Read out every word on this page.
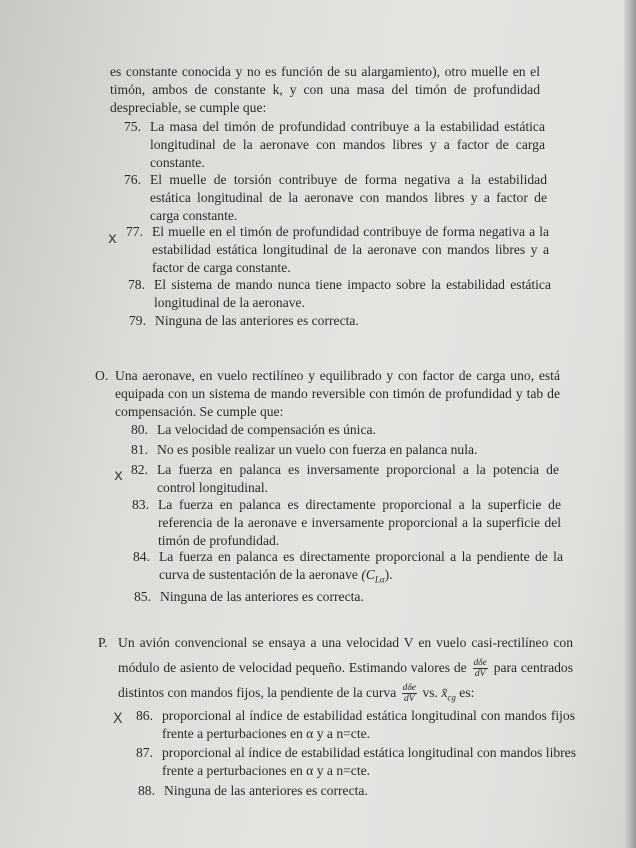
es constante conocida y no es función de su alargamiento), otro muelle en el timón, ambos de constante k, y con una masa del timón de profundidad despreciable, se cumple que:
75. La masa del timón de profundidad contribuye a la estabilidad estática longitudinal de la aeronave con mandos libres y a factor de carga constante.
76. El muelle de torsión contribuye de forma negativa a la estabilidad estática longitudinal de la aeronave con mandos libres y a factor de carga constante.
77. El muelle en el timón de profundidad contribuye de forma negativa a la estabilidad estática longitudinal de la aeronave con mandos libres y a factor de carga constante.
x
78. El sistema de mando nunca tiene impacto sobre la estabilidad estática longitudinal de la aeronave.
79. Ninguna de las anteriores es correcta.
O. Una aeronave, en vuelo rectilíneo y equilibrado y con factor de carga uno, está equipada con un sistema de mando reversible con timón de profundidad y tab de compensación. Se cumple que:
80. La velocidad de compensación es única.
81. No es posible realizar un vuelo con fuerza en palanca nula.
82. La fuerza en palanca es inversamente proporcional a la potencia de control longitudinal.
x
83. La fuerza en palanca es directamente proporcional a la superficie de referencia de la aeronave e inversamente proporcional a la superficie del timón de profundidad.
84. La fuerza en palanca es directamente proporcional a la pendiente de la curva de sustentación de la aeronave $(C_{L\alpha})$.
85. Ninguna de las anteriores es correcta.
P. Un avión convencional se ensaya a una velocidad V en vuelo casi-rectilíneo con módulo de asiento de velocidad pequeño. Estimando valores de $\frac{\text{dδe}}{dV}$ para centrados distintos con mandos fijos, la pendiente de la curva $\frac{\text{dδe}}{dV}$ vs. $x̄_{cg}$ es:
86. proporcional al índice de estabilidad estática longitudinal con mandos fijos frente a perturbaciones en α y a n=cte.
X
87. proporcional al índice de estabilidad estática longitudinal con mandos libres frente a perturbaciones en α y a n=cte.
88. Ninguna de las anteriores es correcta.
